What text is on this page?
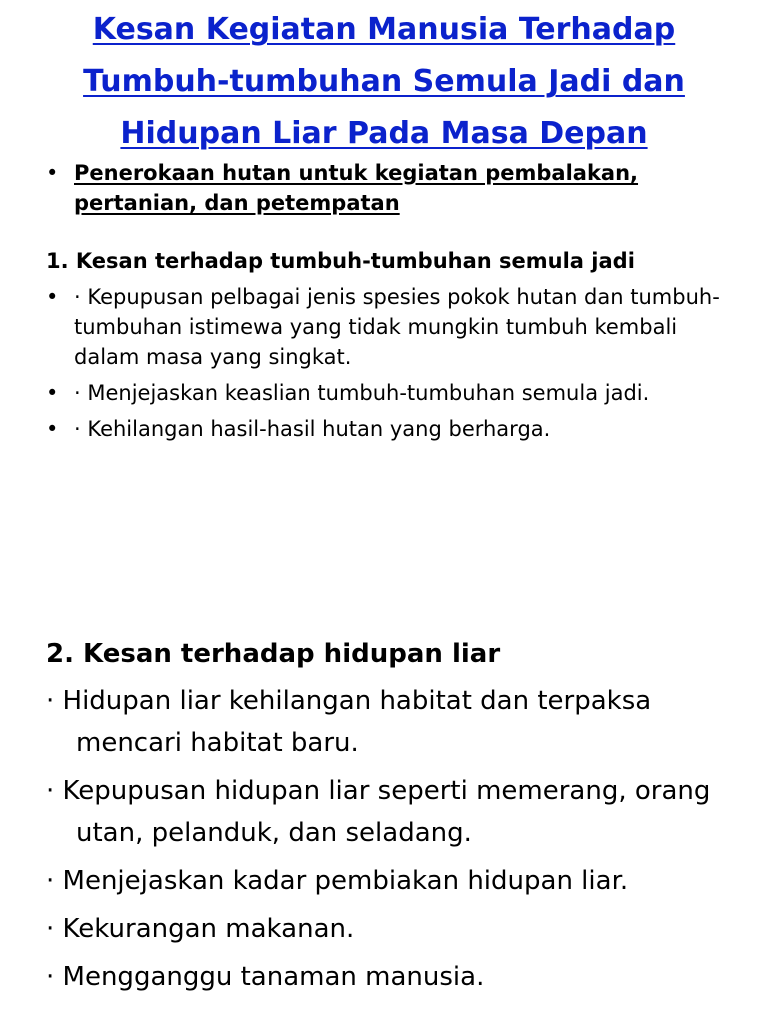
Kesan Kegiatan Manusia Terhadap
Tumbuh-tumbuhan Semula Jadi dan
Hidupan Liar Pada Masa Depan
• Penerokaan hutan untuk kegiatan pembalakan, pertanian, dan petempatan
1. Kesan terhadap tumbuh-tumbuhan semula jadi
• · Kepupusan pelbagai jenis spesies pokok hutan dan tumbuh-tumbuhan istimewa yang tidak mungkin tumbuh kembali dalam masa yang singkat.
• · Menjejaskan keaslian tumbuh-tumbuhan semula jadi.
• · Kehilangan hasil-hasil hutan yang berharga.
2. Kesan terhadap hidupan liar
· Hidupan liar kehilangan habitat dan terpaksa mencari habitat baru.
· Kepupusan hidupan liar seperti memerang, orang utan, pelanduk, dan seladang.
· Menjejaskan kadar pembiakan hidupan liar.
· Kekurangan makanan.
· Mengganggu tanaman manusia.
